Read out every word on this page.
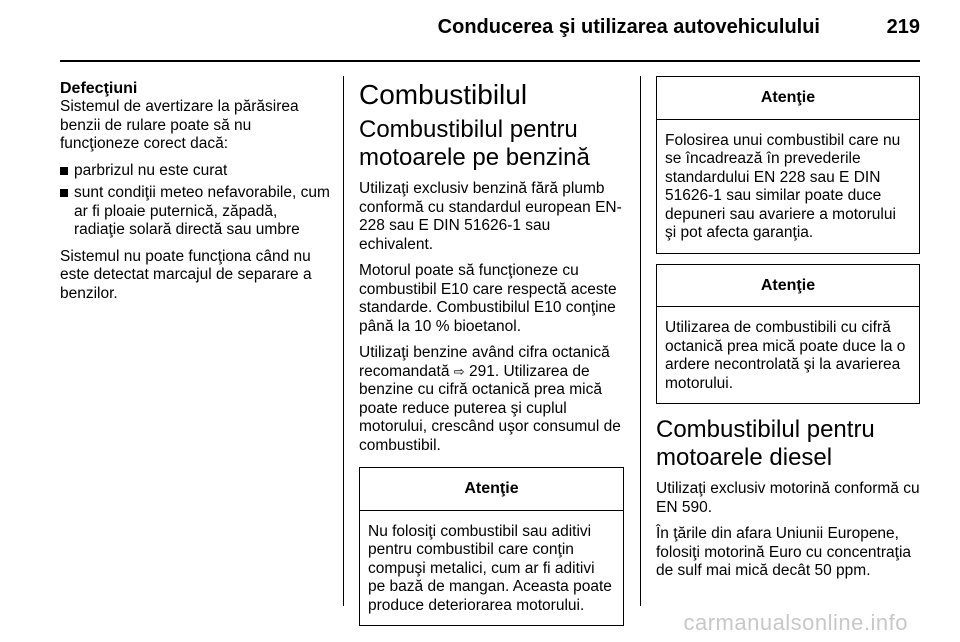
Conducerea şi utilizarea autovehiculului	219
Defecţiuni

Sistemul de avertizare la părăsirea benzii de rulare poate să nu funcţioneze corect dacă:

parbrizul nu este curat
sunt condiţii meteo nefavorabile, cum ar fi ploaie puternică, zăpadă, radiaţie solară directă sau umbre

Sistemul nu poate funcţiona când nu este detectat marcajul de separare a benzilor.

Combustibilul
Combustibilul pentru motoarele pe benzină

Utilizaţi exclusiv benzină fără plumb conformă cu standardul european EN-228 sau E DIN 51626-1 sau echivalent.

Motorul poate să funcţioneze cu combustibil E10 care respectă aceste standarde. Combustibilul E10 conţine până la 10 % bioetanol.

Utilizaţi benzine având cifra octanică recomandată ⇨ 291. Utilizarea de benzine cu cifră octanică prea mică poate reduce puterea şi cuplul motorului, crescând uşor consumul de combustibil.

Atenţie
Nu folosiţi combustibil sau aditivi pentru combustibil care conţin compuşi metalici, cum ar fi aditivi pe bază de mangan. Aceasta poate produce deteriorarea motorului.
Atenţie
Folosirea unui combustibil care nu se încadrează în prevederile standardului EN 228 sau E DIN 51626-1 sau similar poate duce depuneri sau avariere a motorului şi pot afecta garanţia.
Atenţie
Utilizarea de combustibili cu cifră octanică prea mică poate duce la o ardere necontrolată şi la avarierea motorului.
Combustibilul pentru motoarele diesel

Utilizaţi exclusiv motorină conformă cu EN 590.

În ţările din afara Uniunii Europene, folosiţi motorină Euro cu concentraţia de sulf mai mică decât 50 ppm.

carmanualsonline.info
